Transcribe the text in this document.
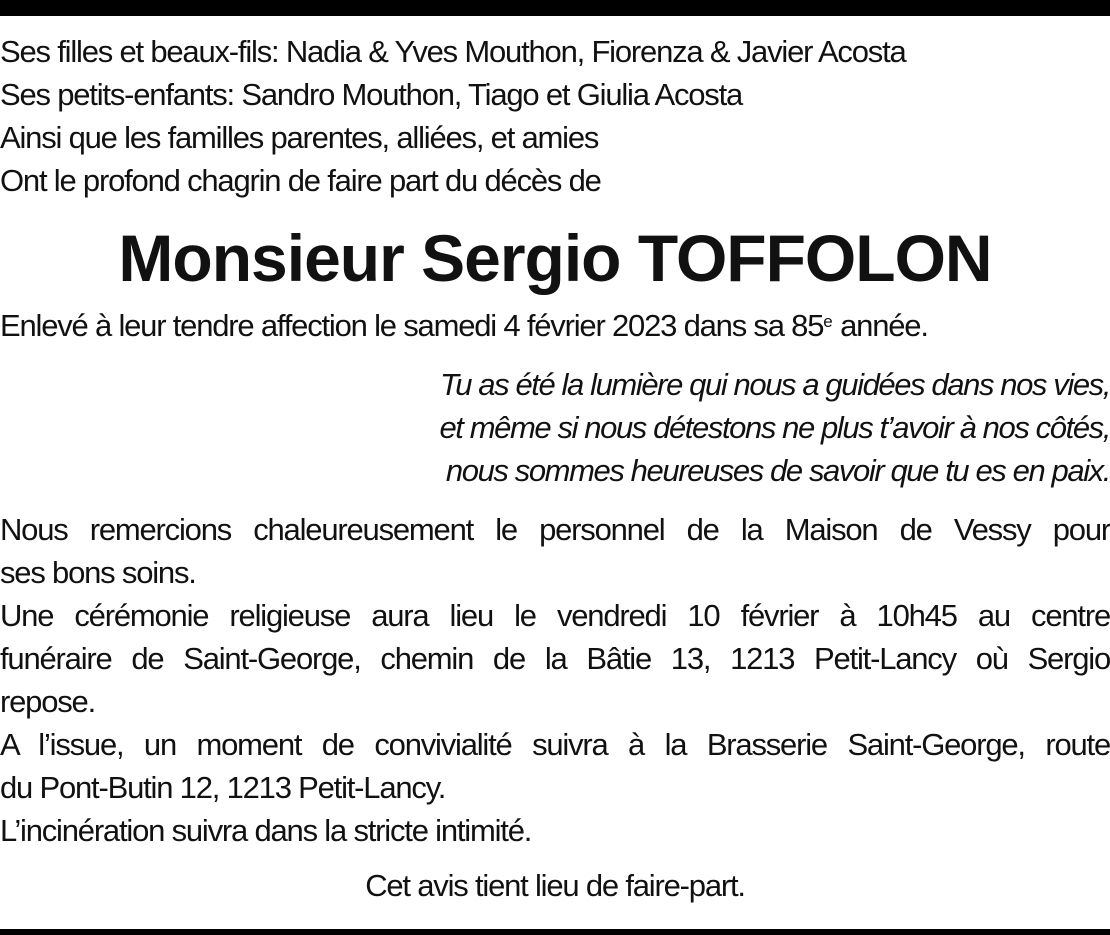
Ses filles et beaux-fils: Nadia & Yves Mouthon, Fiorenza & Javier Acosta

Ses petits-enfants: Sandro Mouthon, Tiago et Giulia Acosta

Ainsi que les familles parentes, alliées, et amies

Ont le profond chagrin de faire part du décès de

Monsieur Sergio TOFFOLON

Enlevé à leur tendre affection le samedi 4 février 2023 dans sa 85e année.

Tu as été la lumière qui nous a guidées dans nos vies,

et même si nous détestons ne plus t’avoir à nos côtés,

nous sommes heureuses de savoir que tu es en paix.

Nous remercions chaleureusement le personnel de la Maison de Vessy pour
ses bons soins.
Une cérémonie religieuse aura lieu le vendredi 10 février à 10h45 au centre
funéraire de Saint-George, chemin de la Bâtie 13, 1213 Petit-Lancy où Sergio
repose.
A l’issue, un moment de convivialité suivra à la Brasserie Saint-George, route
du Pont-Butin 12, 1213 Petit-Lancy.
L’incinération suivra dans la stricte intimité.
Cet avis tient lieu de faire-part.
